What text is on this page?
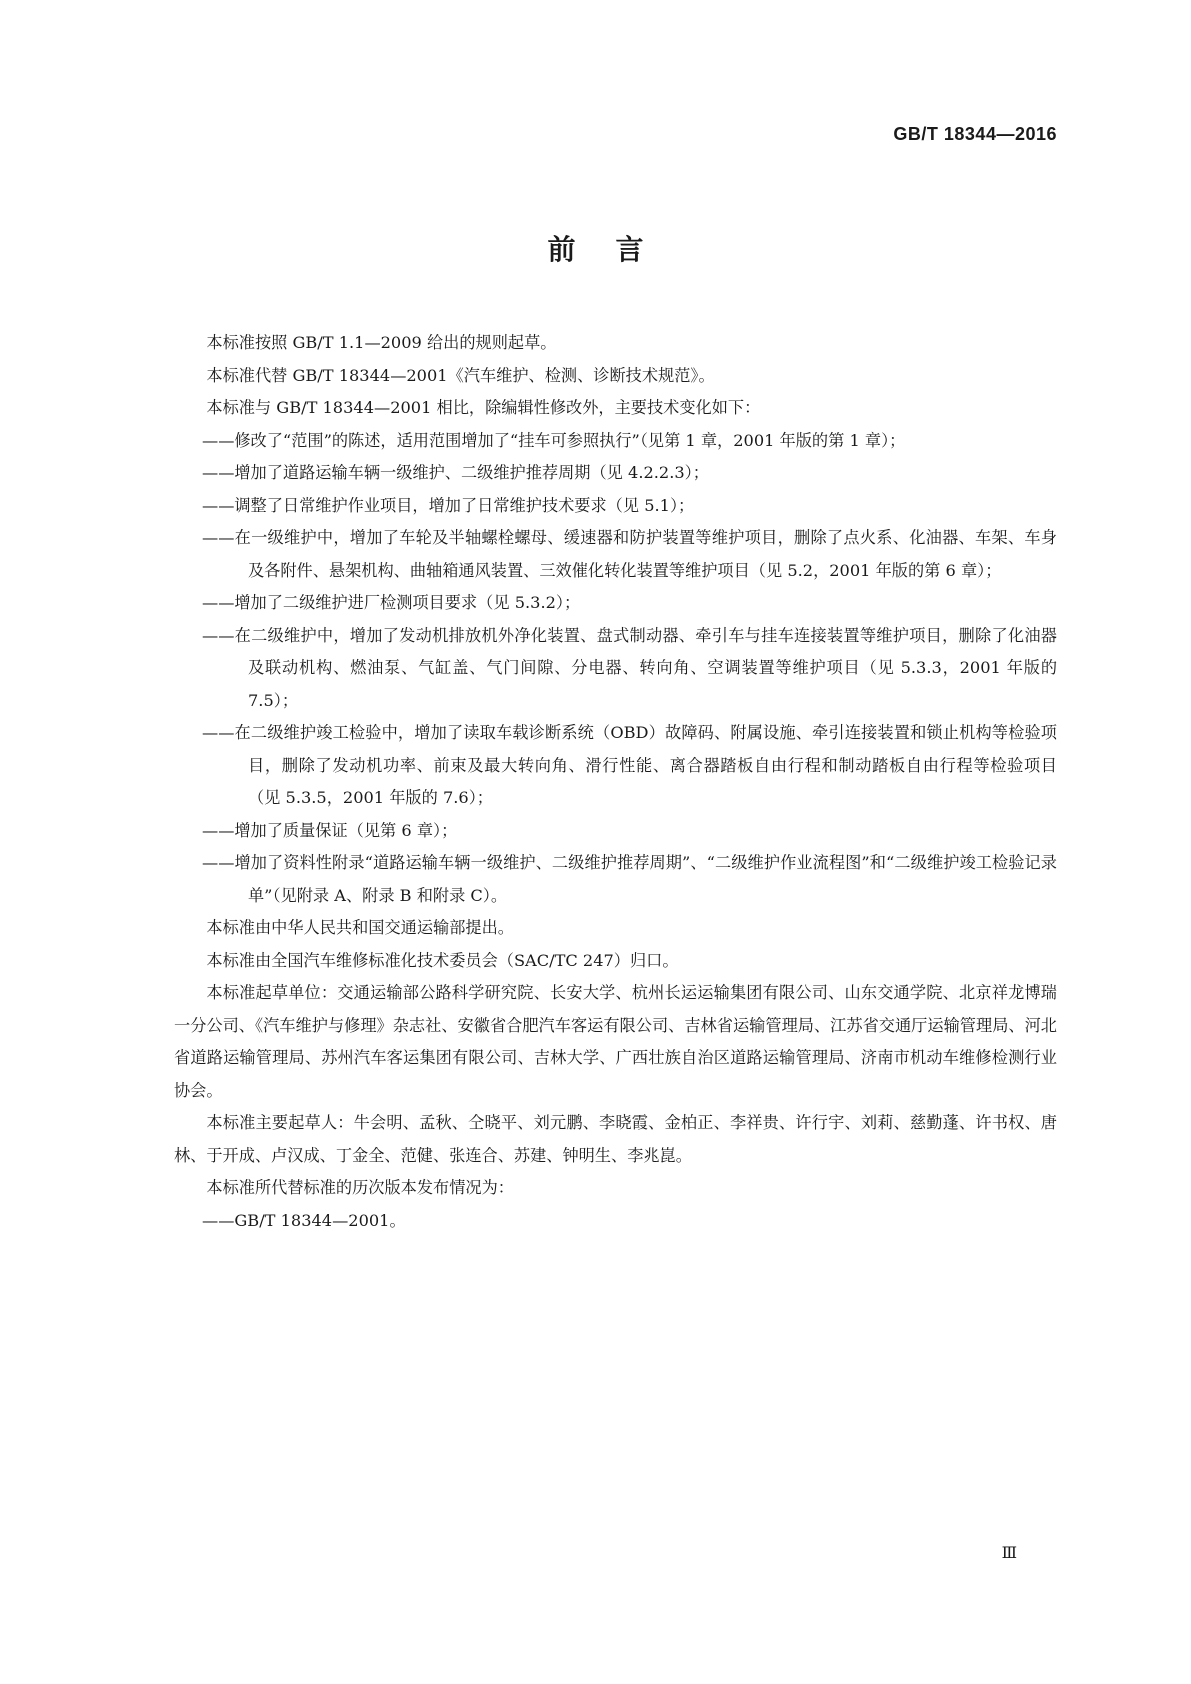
GB/T 18344—2016
前言

本标准按照 GB/T 1.1—2009 给出的规则起草。

本标准代替 GB/T 18344—2001《汽车维护、检测、诊断技术规范》。

本标准与 GB/T 18344—2001 相比，除编辑性修改外，主要技术变化如下：

——修改了“范围”的陈述，适用范围增加了“挂车可参照执行”（见第 1 章，2001 年版的第 1 章）；
——增加了道路运输车辆一级维护、二级维护推荐周期（见 4.2.2.3）；
——调整了日常维护作业项目，增加了日常维护技术要求（见 5.1）；
——在一级维护中，增加了车轮及半轴螺栓螺母、缓速器和防护装置等维护项目，删除了点火系、化油器、车架、车身及各附件、悬架机构、曲轴箱通风装置、三效催化转化装置等维护项目（见 5.2，2001 年版的第 6 章）；
——增加了二级维护进厂检测项目要求（见 5.3.2）；
——在二级维护中，增加了发动机排放机外净化装置、盘式制动器、牵引车与挂车连接装置等维护项目，删除了化油器及联动机构、燃油泵、气缸盖、气门间隙、分电器、转向角、空调装置等维护项目（见 5.3.3，2001 年版的 7.5）；
——在二级维护竣工检验中，增加了读取车载诊断系统（OBD）故障码、附属设施、牵引连接装置和锁止机构等检验项目，删除了发动机功率、前束及最大转向角、滑行性能、离合器踏板自由行程和制动踏板自由行程等检验项目（见 5.3.5，2001 年版的 7.6）；
——增加了质量保证（见第 6 章）；
——增加了资料性附录“道路运输车辆一级维护、二级维护推荐周期”、“二级维护作业流程图”和“二级维护竣工检验记录单”（见附录 A、附录 B 和附录 C）。

本标准由中华人民共和国交通运输部提出。

本标准由全国汽车维修标准化技术委员会（SAC/TC 247）归口。

本标准起草单位：交通运输部公路科学研究院、长安大学、杭州长运运输集团有限公司、山东交通学院、北京祥龙博瑞一分公司、《汽车维护与修理》杂志社、安徽省合肥汽车客运有限公司、吉林省运输管理局、江苏省交通厅运输管理局、河北省道路运输管理局、苏州汽车客运集团有限公司、吉林大学、广西壮族自治区道路运输管理局、济南市机动车维修检测行业协会。

本标准主要起草人：牛会明、孟秋、仝晓平、刘元鹏、李晓霞、金柏正、李祥贵、许行宇、刘莉、慈勤蓬、许书权、唐林、于开成、卢汉成、丁金全、范健、张连合、苏建、钟明生、李兆崑。

本标准所代替标准的历次版本发布情况为：

——GB/T 18344—2001。

Ⅲ
